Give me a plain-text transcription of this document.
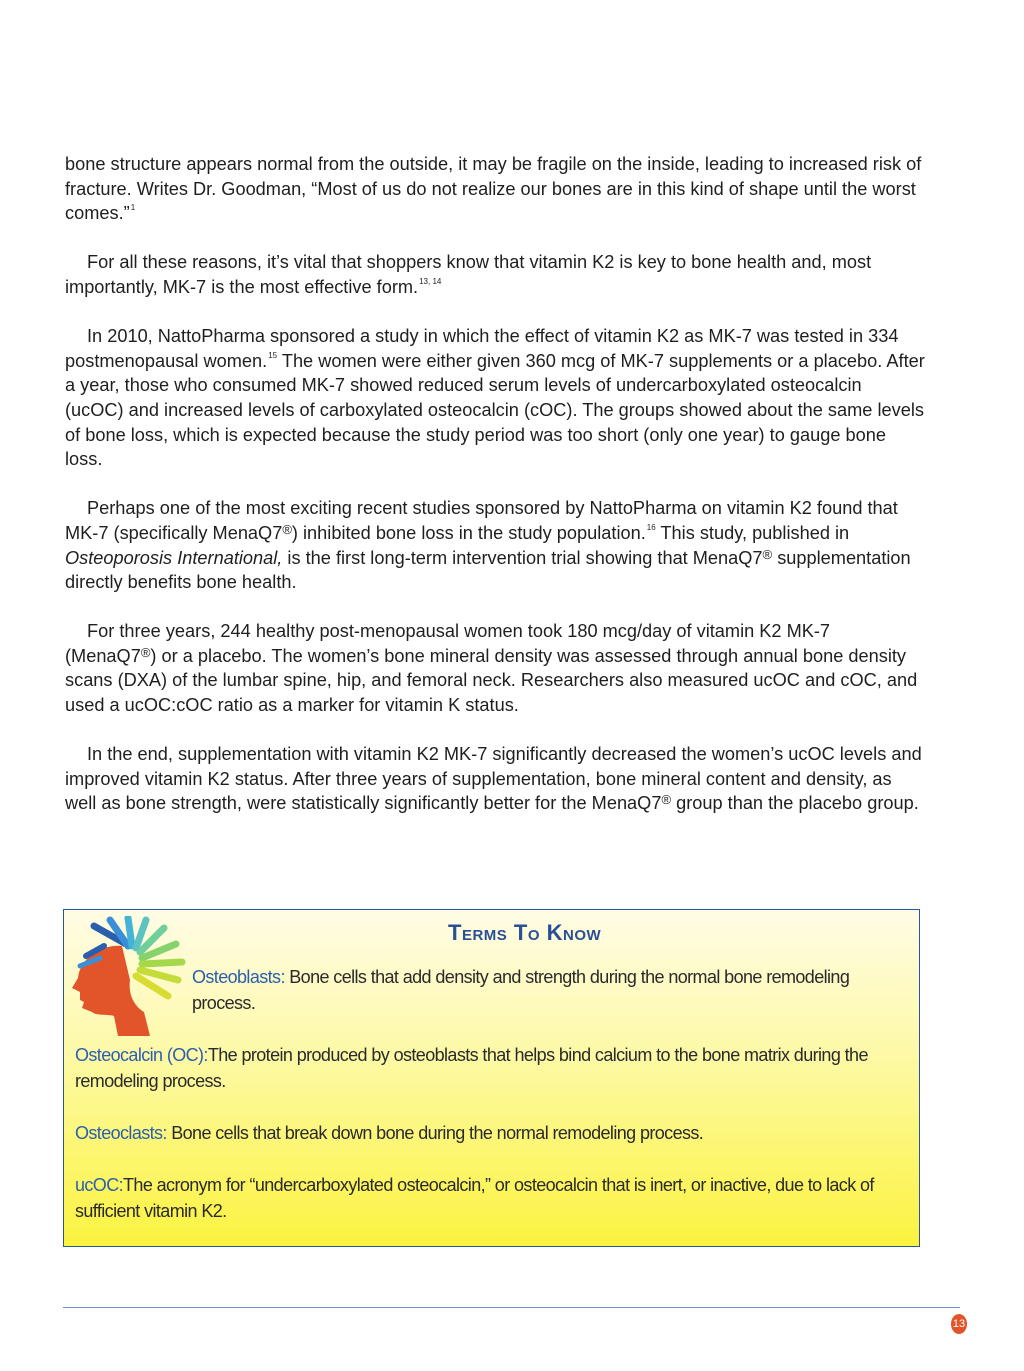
bone structure appears normal from the outside, it may be fragile on the inside, leading to increased risk of fracture. Writes Dr. Goodman, “Most of us do not realize our bones are in this kind of shape until the worst comes.”$^1$

For all these reasons, it’s vital that shoppers know that vitamin K2 is key to bone health and, most importantly, MK-7 is the most effective form.$^{13, 14}$

In 2010, NattoPharma sponsored a study in which the effect of vitamin K2 as MK-7 was tested in 334 postmenopausal women.$^{15}$ The women were either given 360 mcg of MK-7 supplements or a placebo. After a year, those who consumed MK-7 showed reduced serum levels of undercarboxylated osteocalcin (ucOC) and increased levels of carboxylated osteocalcin (cOC). The groups showed about the same levels of bone loss, which is expected because the study period was too short (only one year) to gauge bone loss.

Perhaps one of the most exciting recent studies sponsored by NattoPharma on vitamin K2 found that MK-7 (specifically MenaQ7®) inhibited bone loss in the study population.$^{16}$ This study, published in Osteoporosis International, is the first long-term intervention trial showing that MenaQ7® supplementation directly benefits bone health.

For three years, 244 healthy post-menopausal women took 180 mcg/day of vitamin K2 MK-7 (MenaQ7®) or a placebo. The women’s bone mineral density was assessed through annual bone density scans (DXA) of the lumbar spine, hip, and femoral neck. Researchers also measured ucOC and cOC, and used a ucOC:cOC ratio as a marker for vitamin K status.

In the end, supplementation with vitamin K2 MK-7 significantly decreased the women’s ucOC levels and improved vitamin K2 status. After three years of supplementation, bone mineral content and density, as well as bone strength, were statistically significantly better for the MenaQ7® group than the placebo group.

Terms To Know
Osteoblasts: Bone cells that add density and strength during the normal bone remodeling process.
Osteocalcin (OC):The protein produced by osteoblasts that helps bind calcium to the bone matrix during the remodeling process.
Osteoclasts: Bone cells that break down bone during the normal remodeling process.
ucOC:The acronym for “undercarboxylated osteocalcin,” or osteocalcin that is inert, or inactive, due to lack of sufficient vitamin K2.
13
